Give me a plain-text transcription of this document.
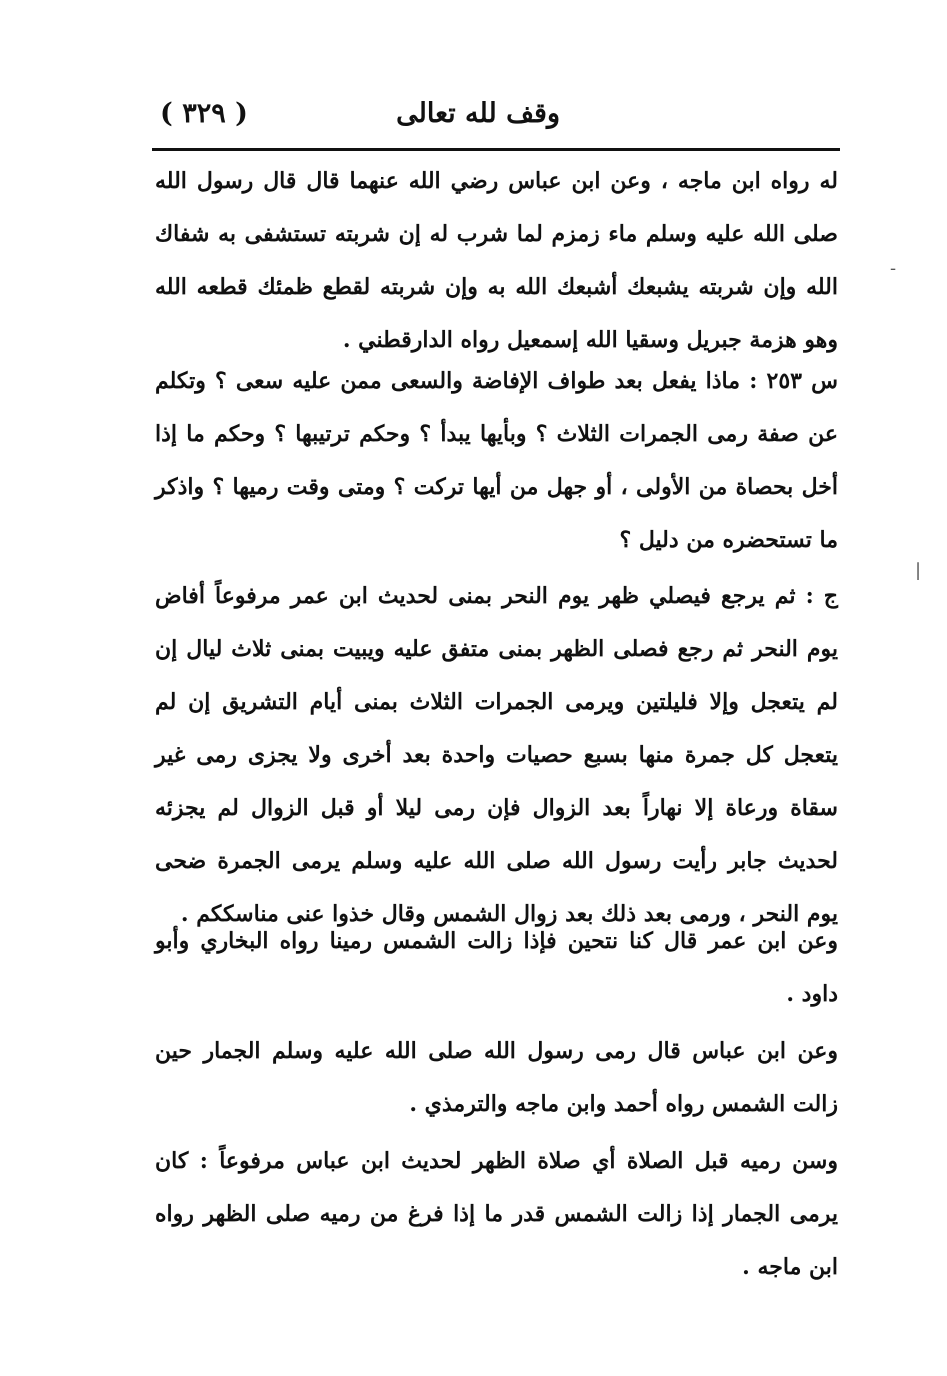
وقف لله تعالى
( ٣٢٩ )
له رواه ابن ماجه ، وعن ابن عباس رضي الله عنهما قال قال رسول الله صلى الله عليه وسلم ماء زمزم لما شرب له إن شربته تستشفى به شفاك الله وإن شربته يشبعك أشبعك الله به وإن شربته لقطع ظمئك قطعه الله وهو هزمة جبريل وسقيا الله إسمعيل رواه الدارقطني .
س ٢٥٣ : ماذا يفعل بعد طواف الإفاضة والسعى ممن عليه سعى ؟ وتكلم عن صفة رمى الجمرات الثلاث ؟ وبأيها يبدأ ؟ وحكم ترتيبها ؟ وحكم ما إذا أخل بحصاة من الأولى ، أو جهل من أيها تركت ؟ ومتى وقت رميها ؟ واذكر ما تستحضره من دليل ؟
ج : ثم يرجع فيصلي ظهر يوم النحر بمنى لحديث ابن عمر مرفوعاً أفاض يوم النحر ثم رجع فصلى الظهر بمنى متفق عليه ويبيت بمنى ثلاث ليال إن لم يتعجل وإلا فليلتين ويرمى الجمرات الثلاث بمنى أيام التشريق إن لم يتعجل كل جمرة منها بسبع حصيات واحدة بعد أخرى ولا يجزى رمى غير سقاة ورعاة إلا نهاراً بعد الزوال فإن رمى ليلا أو قبل الزوال لم يجزئه لحديث جابر رأيت رسول الله صلى الله عليه وسلم يرمى الجمرة ضحى يوم النحر ، ورمى بعد ذلك بعد زوال الشمس وقال خذوا عنى مناسككم .
وعن ابن عمر قال كنا نتحين فإذا زالت الشمس رمينا رواه البخاري وأبو داود .
وعن ابن عباس قال رمى رسول الله صلى الله عليه وسلم الجمار حين زالت الشمس رواه أحمد وابن ماجه والترمذي .
وسن رميه قبل الصلاة أي صلاة الظهر لحديث ابن عباس مرفوعاً : كان يرمى الجمار إذا زالت الشمس قدر ما إذا فرغ من رميه صلى الظهر رواه ابن ماجه .
-
|
